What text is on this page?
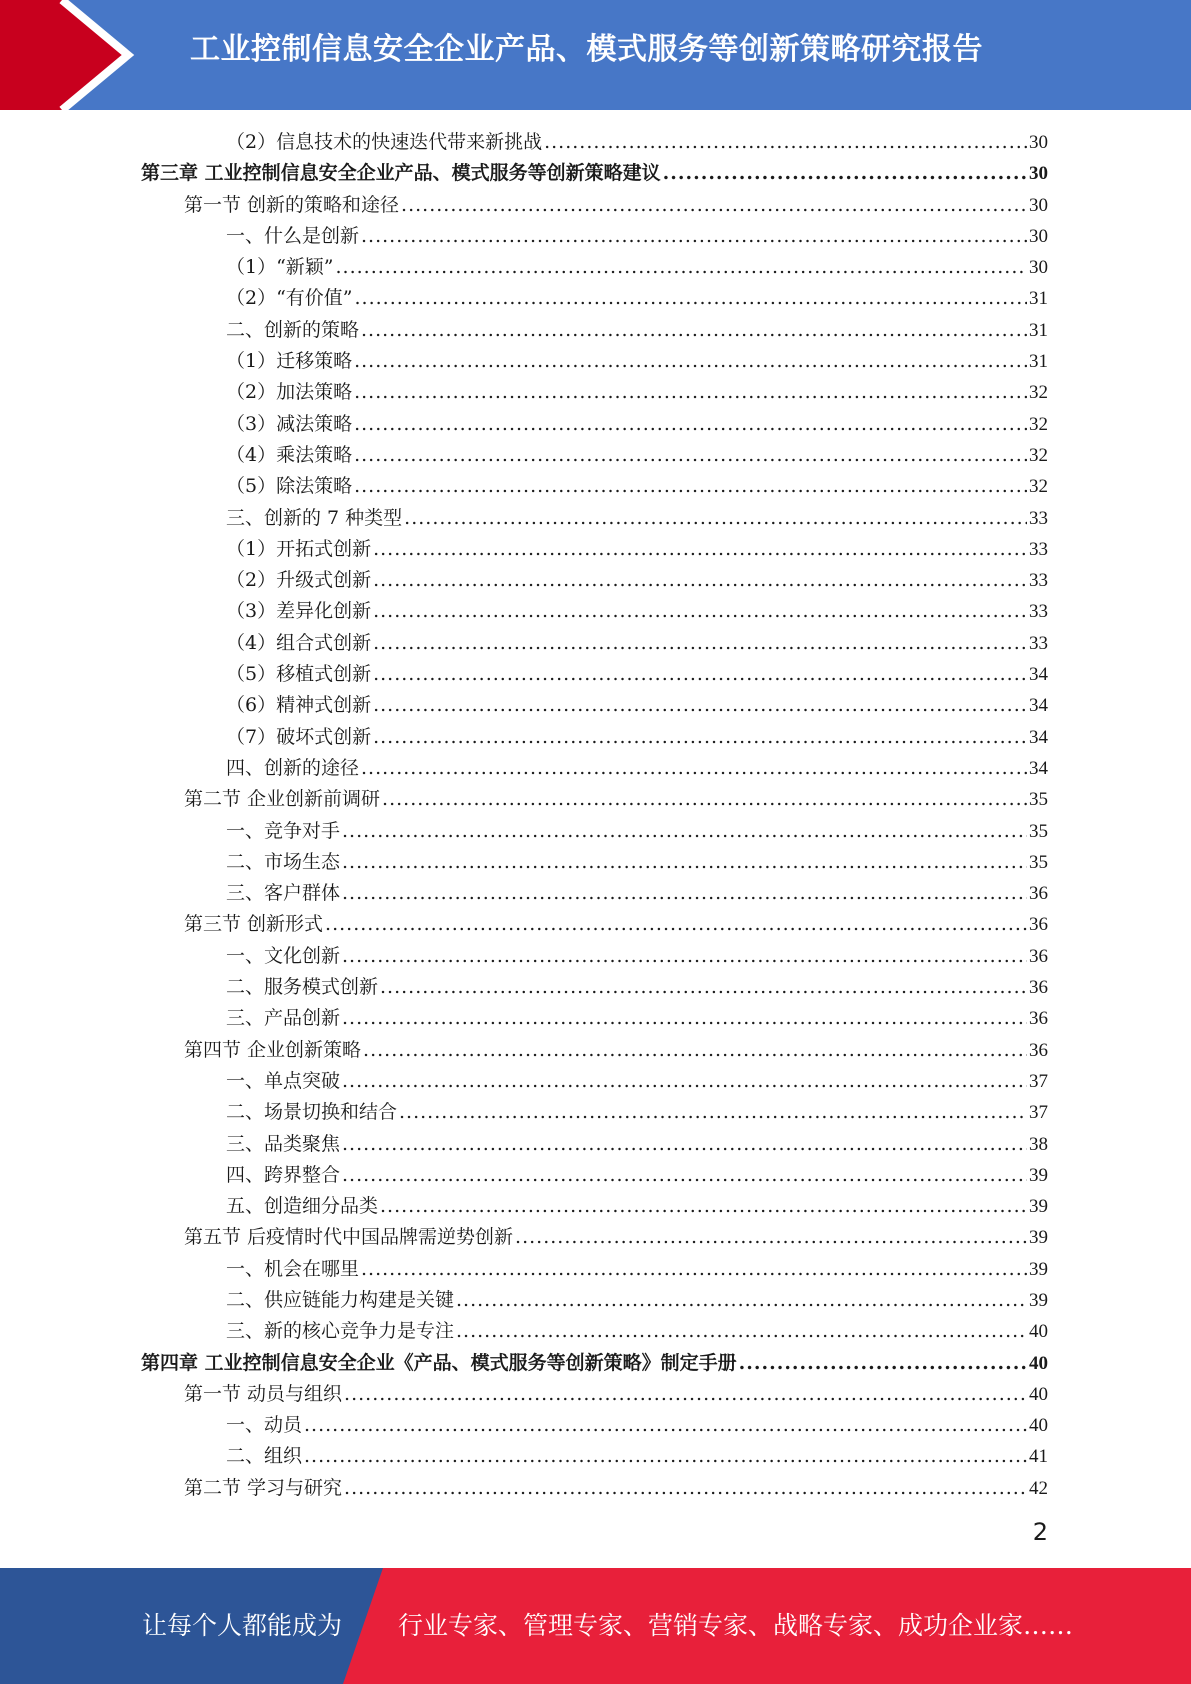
工业控制信息安全企业产品、模式服务等创新策略研究报告
（2）信息技术的快速迭代带来新挑战 .....	30
第三章 工业控制信息安全企业产品、模式服务等创新策略建议 .....	30
第一节 创新的策略和途径 .....	30
一、什么是创新 .....	30
（1）“新颖” .....	30
（2）“有价值” .....	31
二、创新的策略 .....	31
（1）迁移策略 .....	31
（2）加法策略 .....	32
（3）减法策略 .....	32
（4）乘法策略 .....	32
（5）除法策略 .....	32
三、创新的 7 种类型 .....	33
（1）开拓式创新 .....	33
（2）升级式创新 .....	33
（3）差异化创新 .....	33
（4）组合式创新 .....	33
（5）移植式创新 .....	34
（6）精神式创新 .....	34
（7）破坏式创新 .....	34
四、创新的途径 .....	34
第二节 企业创新前调研 .....	35
一、竞争对手 .....	35
二、市场生态 .....	35
三、客户群体 .....	36
第三节 创新形式 .....	36
一、文化创新 .....	36
二、服务模式创新 .....	36
三、产品创新 .....	36
第四节 企业创新策略 .....	36
一、单点突破 .....	37
二、场景切换和结合 .....	37
三、品类聚焦 .....	38
四、跨界整合 .....	39
五、创造细分品类 .....	39
第五节 后疫情时代中国品牌需逆势创新 .....	39
一、机会在哪里 .....	39
二、供应链能力构建是关键 .....	39
三、新的核心竞争力是专注 .....	40
第四章 工业控制信息安全企业《产品、模式服务等创新策略》制定手册 .....	40
第一节 动员与组织 .....	40
一、动员 .....	40
二、组织 .....	41
第二节 学习与研究 .....	42
2
让每个人都能成为 行业专家、管理专家、营销专家、战略专家、成功企业家……
